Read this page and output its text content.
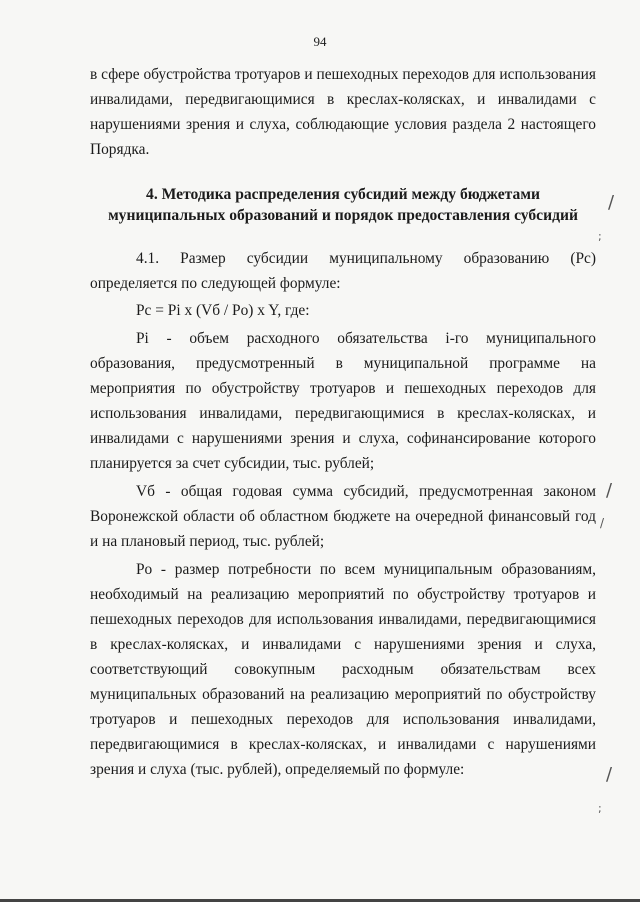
94

в сфере обустройства тротуаров и пешеходных переходов для использования инвалидами, передвигающимися в креслах-колясках, и инвалидами с нарушениями зрения и слуха, соблюдающие условия раздела 2 настоящего Порядка.

4. Методика распределения субсидий между бюджетами муниципальных образований и порядок предоставления субсидий

4.1. Размер субсидии муниципальному образованию (Pс) определяется по следующей формуле:

Pс = Pi x (Vб / Pо) x Y, где:

Pi - объем расходного обязательства i-го муниципального образования, предусмотренный в муниципальной программе на мероприятия по обустройству тротуаров и пешеходных переходов для использования инвалидами, передвигающимися в креслах-колясках, и инвалидами с нарушениями зрения и слуха, софинансирование которого планируется за счет субсидии, тыс. рублей;

Vб - общая годовая сумма субсидий, предусмотренная законом Воронежской области об областном бюджете на очередной финансовый год и на плановый период, тыс. рублей;

Pо - размер потребности по всем муниципальным образованиям, необходимый на реализацию мероприятий по обустройству тротуаров и пешеходных переходов для использования инвалидами, передвигающимися в креслах-колясках, и инвалидами с нарушениями зрения и слуха, соответствующий совокупным расходным обязательствам всех муниципальных образований на реализацию мероприятий по обустройству тротуаров и пешеходных переходов для использования инвалидами, передвигающимися в креслах-колясках, и инвалидами с нарушениями зрения и слуха (тыс. рублей), определяемый по формуле:

/
;
/
/
/
;
